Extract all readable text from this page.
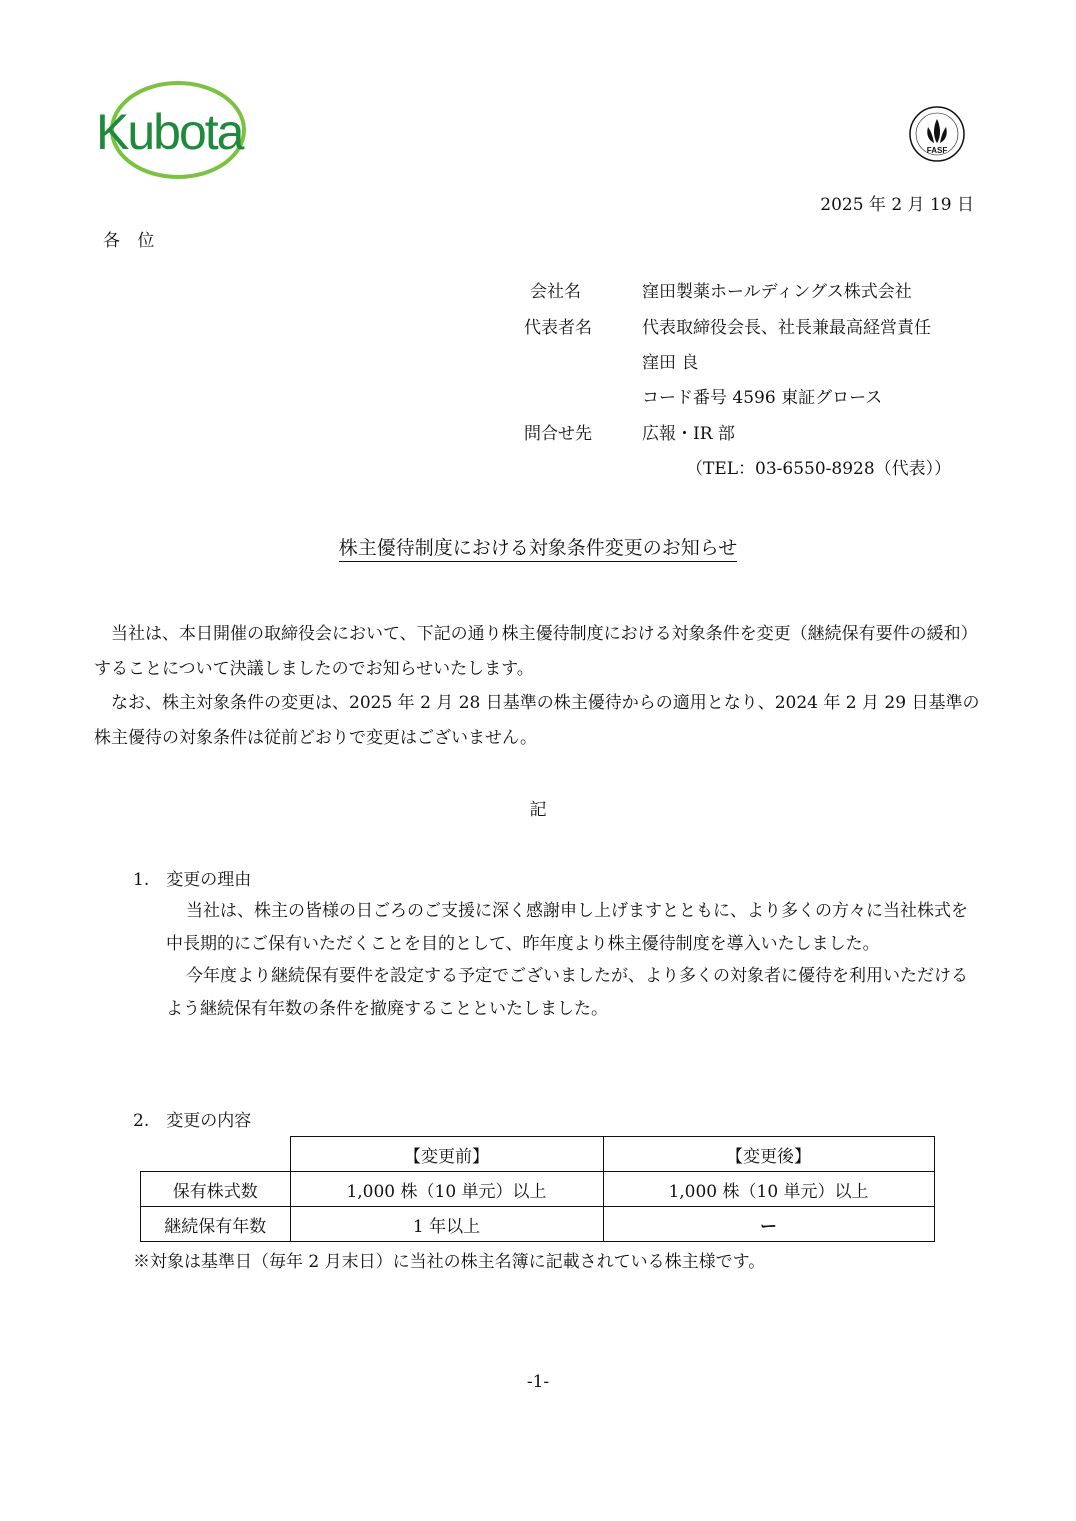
Kubota	FASF
2025 年 2 月 19 日
各 位
会社名	窪田製薬ホールディングス株式会社
代表者名	代表取締役会長、社長兼最高経営責任
窪田 良
コード番号 4596 東証グロース
問合せ先	広報・IR 部
（TEL：03-6550-8928（代表））
株主優待制度における対象条件変更のお知らせ

当社は、本日開催の取締役会において、下記の通り株主優待制度における対象条件を変更（継続保有要件の緩和）することについて決議しましたのでお知らせいたします。

なお、株主対象条件の変更は、2025 年 2 月 28 日基準の株主優待からの適用となり、2024 年 2 月 29 日基準の株主優待の対象条件は従前どおりで変更はございません。

記
1.　変更の理由

当社は、株主の皆様の日ごろのご支援に深く感謝申し上げますとともに、より多くの方々に当社株式を中長期的にご保有いただくことを目的として、昨年度より株主優待制度を導入いたしました。

今年度より継続保有要件を設定する予定でございましたが、より多くの対象者に優待を利用いただけるよう継続保有年数の条件を撤廃することといたしました。

2.　変更の内容
	【変更前】	【変更後】
保有株式数	1,000 株（10 単元）以上	1,000 株（10 単元）以上
継続保有年数	1 年以上	ー
※対象は基準日（毎年 2 月末日）に当社の株主名簿に記載されている株主様です。
-1-
